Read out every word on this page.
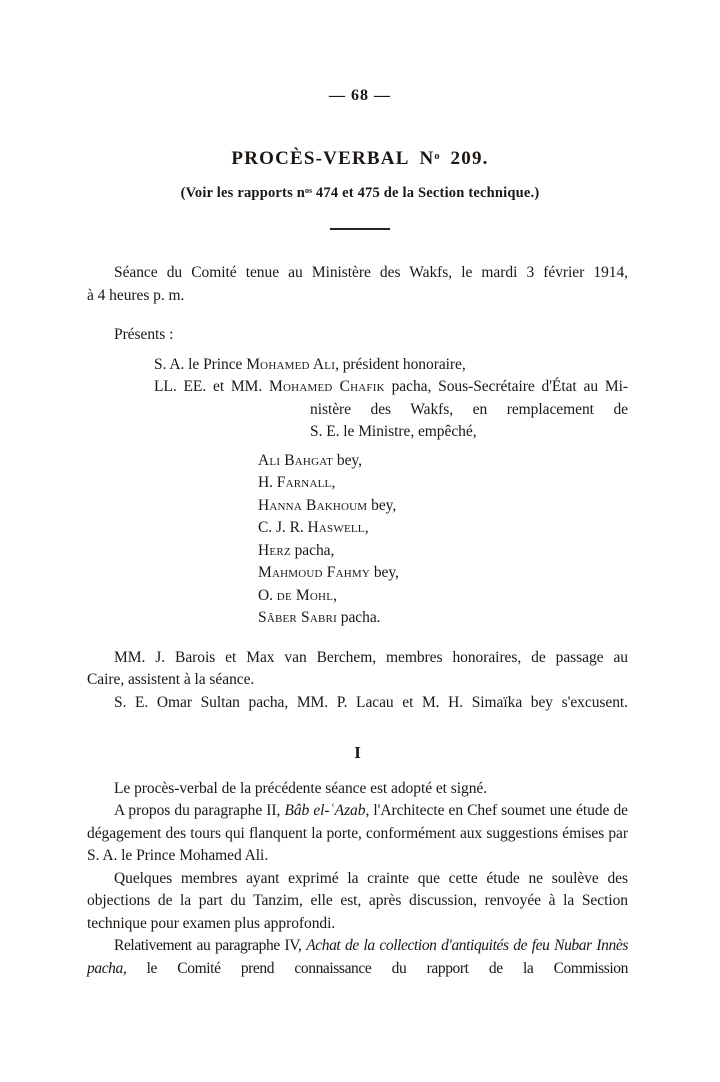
— 68 —
PROCÈS-VERBAL $N^o$ 209.
(Voir les rapports $n^{os}$ 474 et 475 de la Section technique.)
Séance du Comité tenue au Ministère des Wakfs, le mardi 3 février 1914,
à 4 heures p. m.
Présents :
S. A. le Prince Mohamed Ali, président honoraire,
LL. EE. et MM. Mohamed Chafik pacha, Sous-Secrétaire d'État au Mi-
nistère des Wakfs, en remplacement de
S. E. le Ministre, empêché,
Ali Bahgat bey,
H. Farnall,
Hanna Bakhoum bey,
C. J. R. Haswell,
Herz pacha,
Mahmoud Fahmy bey,
O. de Mohl,
Sâber Sabri pacha.
MM. J. Barois et Max van Berchem, membres honoraires, de passage au
Caire, assistent à la séance.
S. E. Omar Sultan pacha, MM. P. Lacau et M. H. Simaïka bey s'excusent.
I
Le procès-verbal de la précédente séance est adopté et signé.
A propos du paragraphe II, Bâb el-ʿAzab, l'Architecte en Chef soumet une étude de dégagement des tours qui flanquent la porte, conformément aux suggestions émises par S. A. le Prince Mohamed Ali.
Quelques membres ayant exprimé la crainte que cette étude ne soulève des objections de la part du Tanzim, elle est, après discussion, renvoyée à la Section technique pour examen plus approfondi.
Relativement au paragraphe IV, Achat de la collection d'antiquités de feu Nubar Innès pacha, le Comité prend connaissance du rapport de la Commission
